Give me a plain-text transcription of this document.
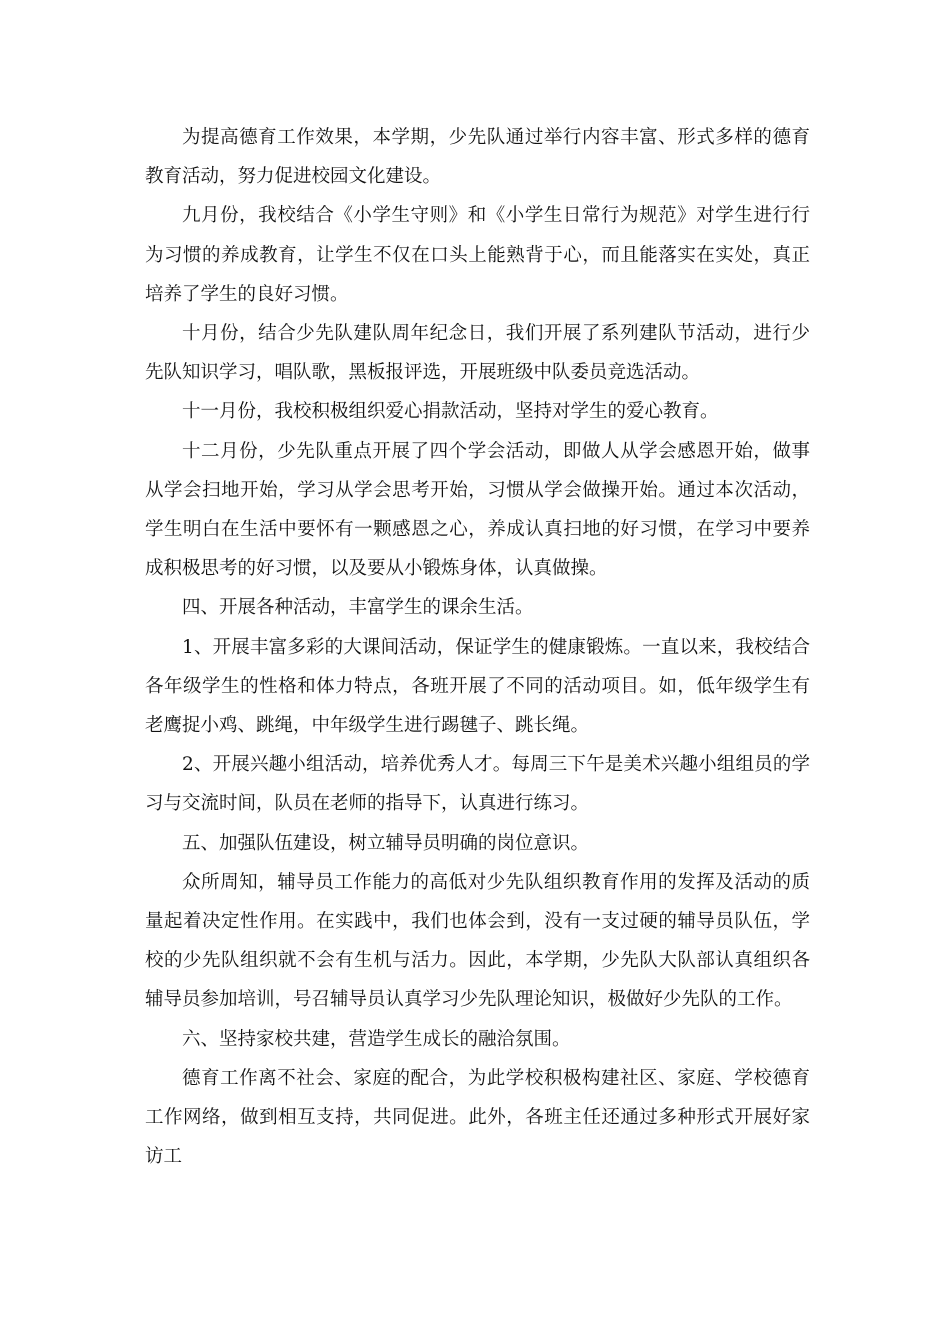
为提高德育工作效果，本学期，少先队通过举行内容丰富、形式多样的德育教育活动，努力促进校园文化建设。

九月份，我校结合《小学生守则》和《小学生日常行为规范》对学生进行行为习惯的养成教育，让学生不仅在口头上能熟背于心，而且能落实在实处，真正培养了学生的良好习惯。

十月份，结合少先队建队周年纪念日，我们开展了系列建队节活动，进行少先队知识学习，唱队歌，黑板报评选，开展班级中队委员竞选活动。

十一月份，我校积极组织爱心捐款活动，坚持对学生的爱心教育。

十二月份，少先队重点开展了四个学会活动，即做人从学会感恩开始，做事从学会扫地开始，学习从学会思考开始，习惯从学会做操开始。通过本次活动，学生明白在生活中要怀有一颗感恩之心，养成认真扫地的好习惯，在学习中要养成积极思考的好习惯，以及要从小锻炼身体，认真做操。

四、开展各种活动，丰富学生的课余生活。

1、开展丰富多彩的大课间活动，保证学生的健康锻炼。一直以来，我校结合各年级学生的性格和体力特点，各班开展了不同的活动项目。如，低年级学生有老鹰捉小鸡、跳绳，中年级学生进行踢毽子、跳长绳。

2、开展兴趣小组活动，培养优秀人才。每周三下午是美术兴趣小组组员的学习与交流时间，队员在老师的指导下，认真进行练习。

五、加强队伍建设，树立辅导员明确的岗位意识。

众所周知，辅导员工作能力的高低对少先队组织教育作用的发挥及活动的质量起着决定性作用。在实践中，我们也体会到，没有一支过硬的辅导员队伍，学校的少先队组织就不会有生机与活力。因此，本学期，少先队大队部认真组织各辅导员参加培训，号召辅导员认真学习少先队理论知识，极做好少先队的工作。

六、坚持家校共建，营造学生成长的融洽氛围。

德育工作离不社会、家庭的配合，为此学校积极构建社区、家庭、学校德育工作网络，做到相互支持，共同促进。此外，各班主任还通过多种形式开展好家访工
